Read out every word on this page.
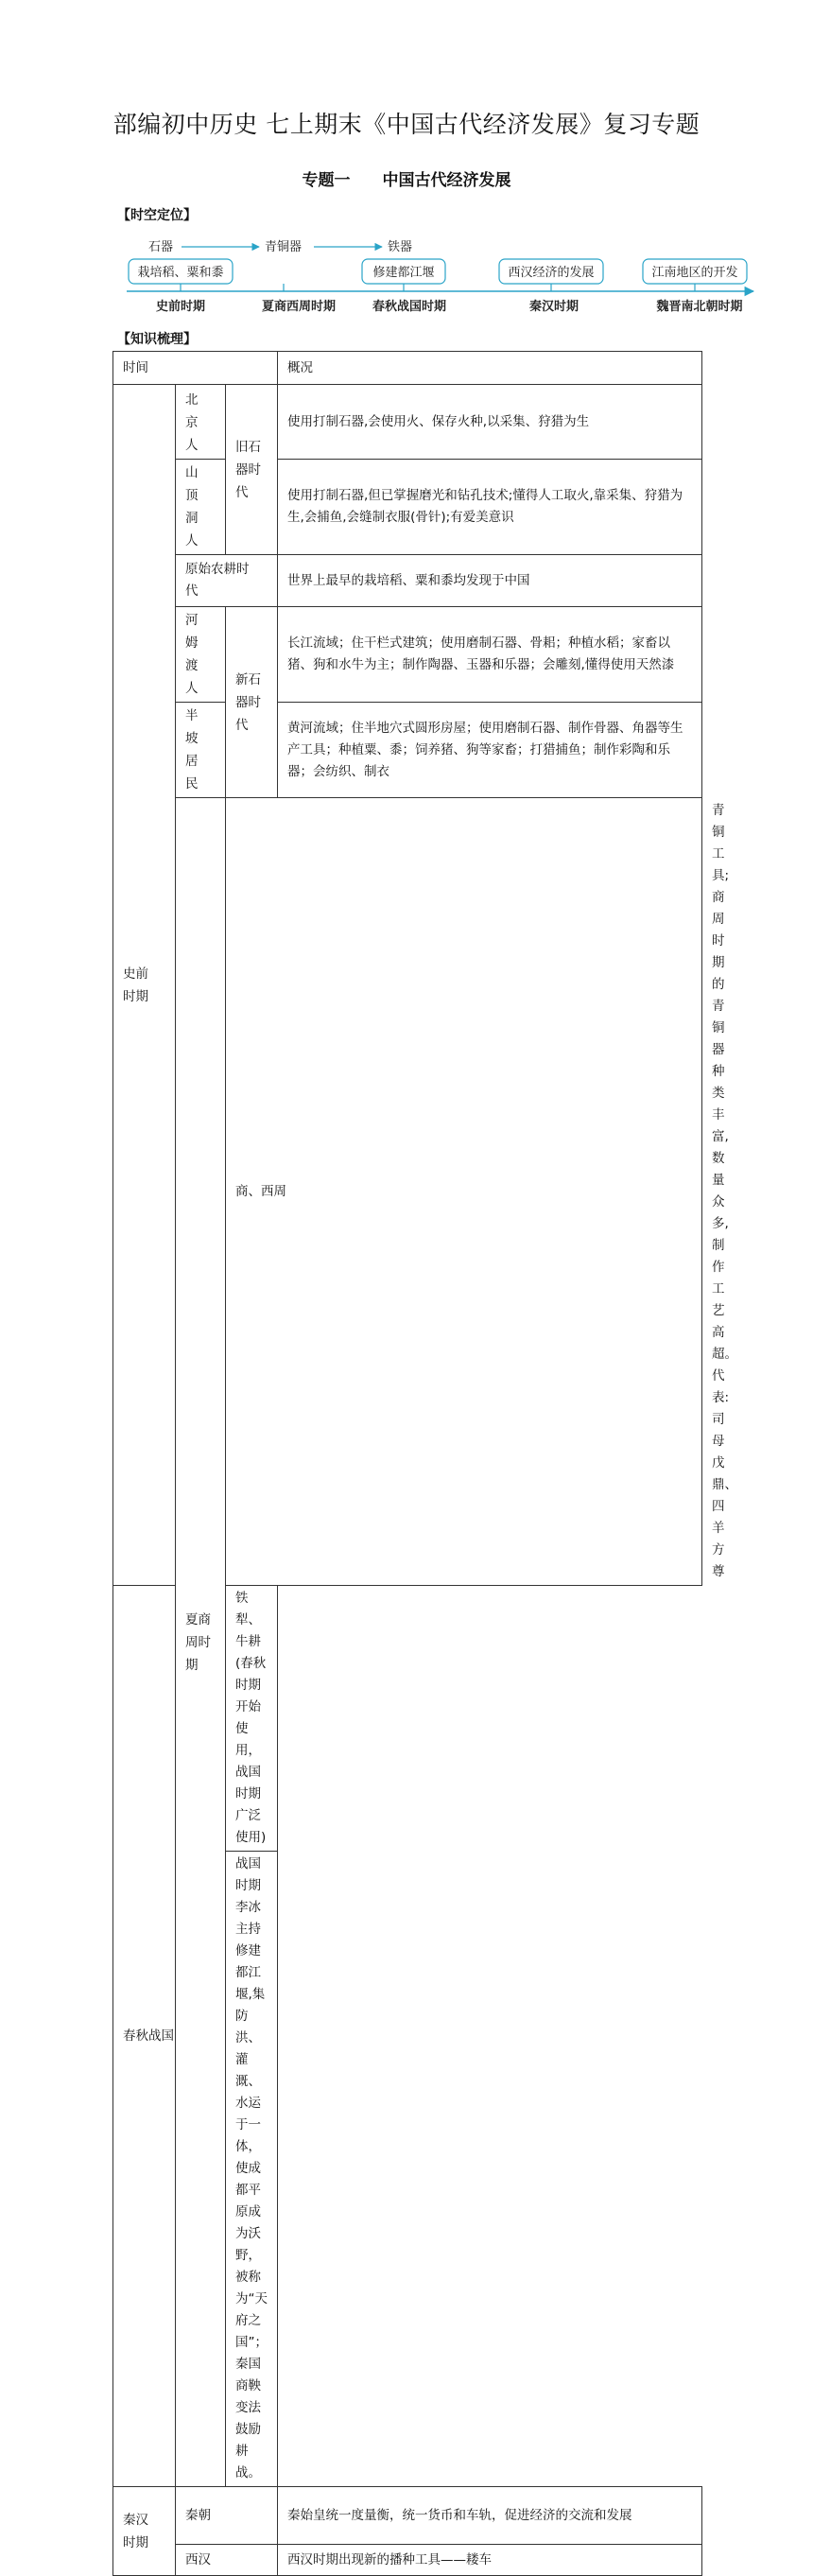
部编初中历史 七上期末《中国古代经济发展》复习专题
专题一 中国古代经济发展
【时空定位】
石器	青铜器	铁器
栽培稻、粟和黍	修建都江堰	西汉经济的发展	江南地区的开发
史前时期	夏商西周时期	春秋战国时期	秦汉时期	魏晋南北朝时期
【知识梳理】
时间			概况	

史前时期	北京人	旧石器时代	使用打制石器,会使用火、保存火种,以采集、狩猎为生	

	山顶洞人		使用打制石器,但已掌握磨光和钻孔技术;懂得人工取火,靠采集、狩猎为生,会捕鱼,会缝制衣服(骨针);有爱美意识	

	原始农耕时代		世界上最早的栽培稻、粟和黍均发现于中国	

	河姆渡人	新石器时代	长江流域；住干栏式建筑；使用磨制石器、骨耜；种植水稻；家畜以猪、狗和水牛为主；制作陶器、玉器和乐器；会雕刻,懂得使用天然漆	

	半坡居民		黄河流域；住半地穴式圆形房屋；使用磨制石器、制作骨器、角器等生产工具；种植粟、黍；饲养猪、狗等家畜；打猎捕鱼；制作彩陶和乐器；会纺织、制衣	

	夏商周时期	商、西周		青铜工具;商周时期的青铜器种类丰富,数量众多,制作工艺高超。代表:司母戊鼎、四羊方尊
春秋战国		铁犁、牛耕(春秋时期开始使用，战国时期广泛使用)		
		战国时期李冰主持修建都江堰,集防洪、灌溉、水运于一体，使成都平原成为沃野，被称为“天府之国”；秦国商鞅变法鼓励耕战。		

秦汉时期	秦朝		秦始皇统一度量衡，统一货币和车轨，促进经济的交流和发展	
	西汉		西汉时期出现新的播种工具——耧车	
